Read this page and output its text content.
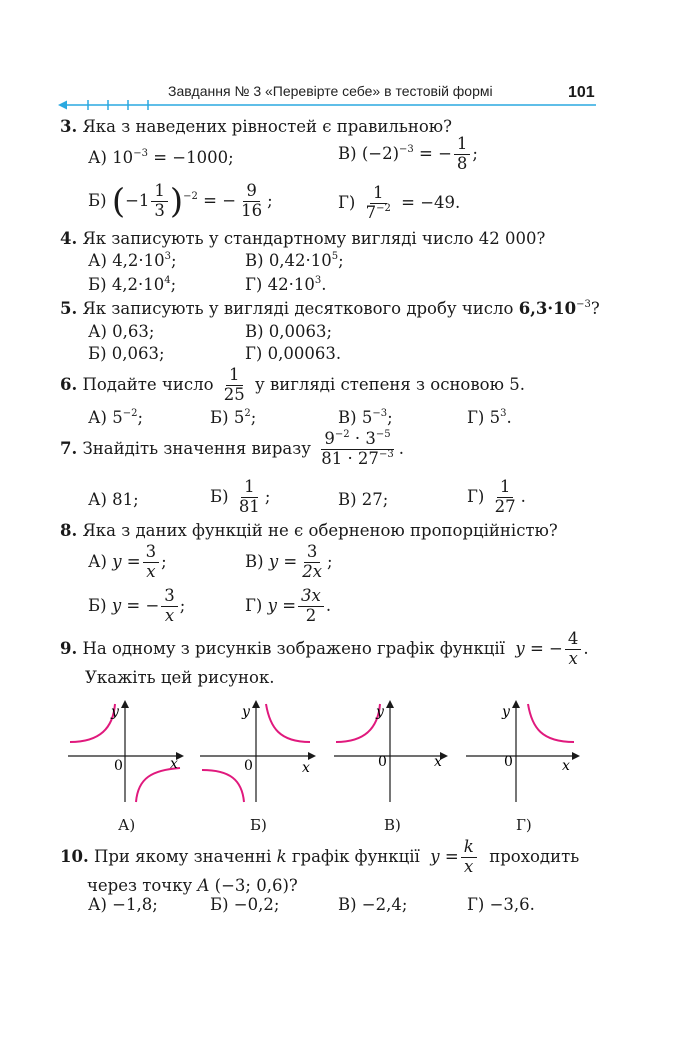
Завдання № 3 «Перевірте себе» в тестовій формі	101
3. Яка з наведених рівностей є правильною?
А) $10^{-3} = -1000$;	В) $(-2)^{-3}$ = − $\frac{1}{8}$ ;
Б) $(-1 \frac{1}{3} )^{-2}$ = − $\frac{9}{16}$ ;	$Г) \frac{1}{7^{-2}} = -49$.
4. Як записують у стандартному вигляді число 42 000?
А) $4,2\cdot 10^3$;	В) $0,42\cdot 10^5$;
Б) $4,2\cdot 10^4$;	Г) $42\cdot 10^3$.
5. Як записують у вигляді десяткового дробу число $6,3\cdot 10^{-3}$?
А) 0,63;	В) 0,0063;
Б) 0,063;	Г) 0,00063.
6. Подайте число $\frac{1}{25}$ у вигляді степеня з основою 5.
А) $5^{-2}$;	Б) $5^2$;	В) $5^{-3}$;	Г) $5^3$.
7. Знайдіть значення виразу $\frac{9^{-2} \cdot 3^{-5}}{81 \cdot 27^{-3}}$ .
А) 81;	$Б) \frac{1}{81}$ ;	В) 27;	$Г) \frac{1}{27}$ .
8. Яка з даних функцій не є оберненою пропорційністю?
А) $y = \frac{3}{x}$ ;	В) $y = \frac{3}{2x}$ ;
Б) y = − $\frac{3}{x}$ ;	Г) $y = \frac{3x}{2}$ .
9. На одному з рисунків зображено графік функції y = − $\frac{4}{x}$ .
Укажіть цей рисунок.
y
0	x
y
0	x
y
0	x
y
0	x
А)	Б)	В)	Г)
10. При якому значенні k графік функції $y = \frac{k}{x}$ проходить
через точку A (−3; 0,6)?
А) −1,8;	Б) −0,2;	В) −2,4;	Г) −3,6.
